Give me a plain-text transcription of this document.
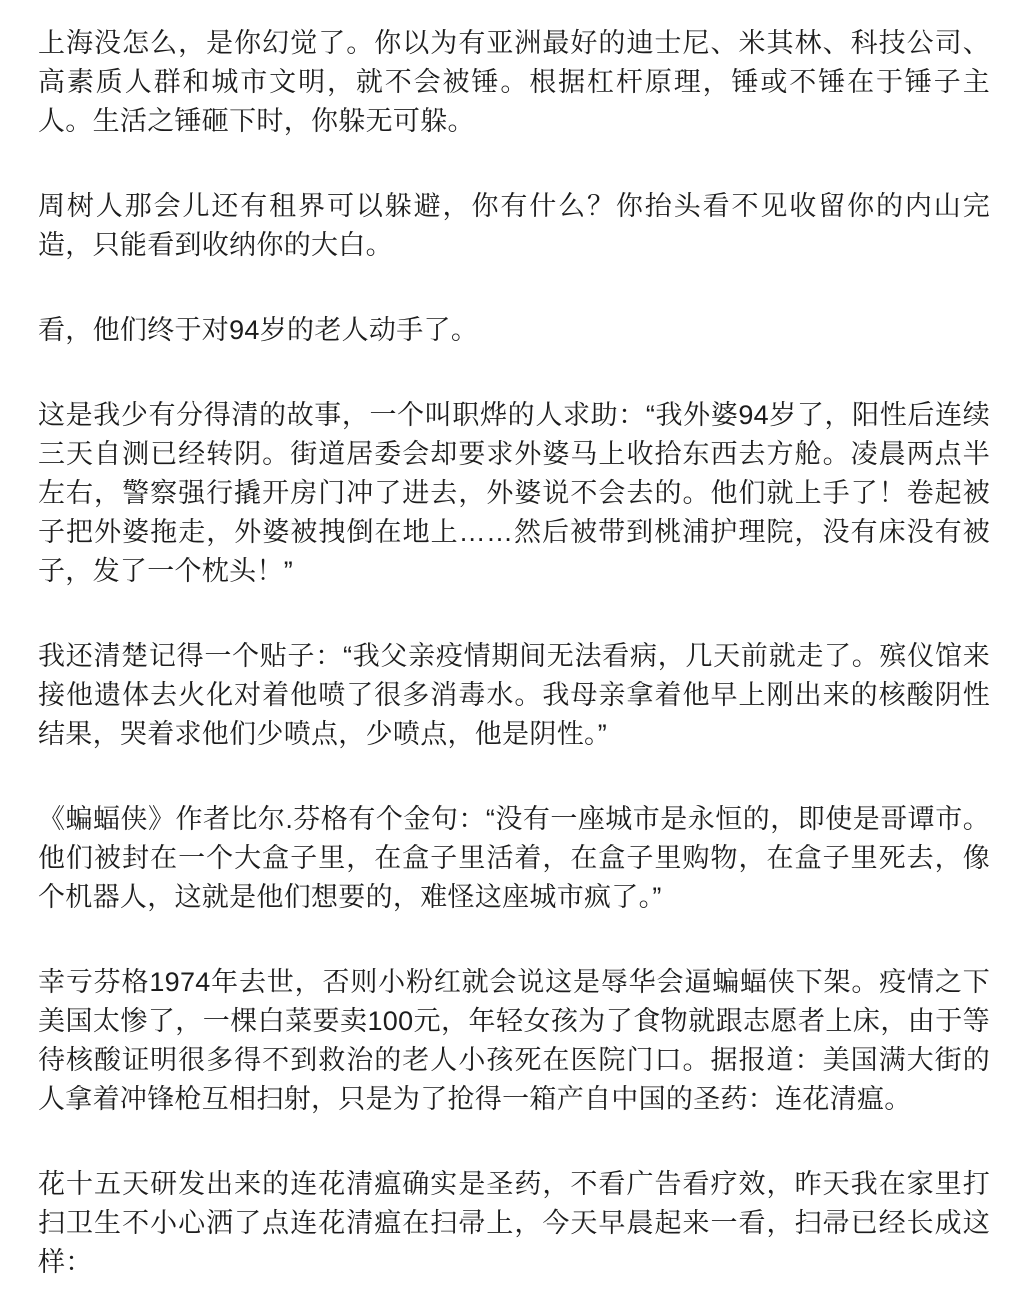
上海没怎么，是你幻觉了。你以为有亚洲最好的迪士尼、米其林、科技公司、高素质人群和城市文明，就不会被锤。根据杠杆原理，锤或不锤在于锤子主人。生活之锤砸下时，你躲无可躲。

周树人那会儿还有租界可以躲避，你有什么？你抬头看不见收留你的内山完造，只能看到收纳你的大白。

看，他们终于对94岁的老人动手了。

这是我少有分得清的故事，一个叫职烨的人求助：“我外婆94岁了，阳性后连续三天自测已经转阴。街道居委会却要求外婆马上收拾东西去方舱。凌晨两点半左右，警察强行撬开房门冲了进去，外婆说不会去的。他们就上手了！卷起被子把外婆拖走，外婆被拽倒在地上……然后被带到桃浦护理院，没有床没有被子，发了一个枕头！”

我还清楚记得一个贴子：“我父亲疫情期间无法看病，几天前就走了。殡仪馆来接他遗体去火化对着他喷了很多消毒水。我母亲拿着他早上刚出来的核酸阴性结果，哭着求他们少喷点，少喷点，他是阴性。”

《蝙蝠侠》作者比尔.芬格有个金句：“没有一座城市是永恒的，即使是哥谭市。他们被封在一个大盒子里，在盒子里活着，在盒子里购物，在盒子里死去，像个机器人，这就是他们想要的，难怪这座城市疯了。”

幸亏芬格1974年去世，否则小粉红就会说这是辱华会逼蝙蝠侠下架。疫情之下美国太惨了，一棵白菜要卖100元，年轻女孩为了食物就跟志愿者上床，由于等待核酸证明很多得不到救治的老人小孩死在医院门口。据报道：美国满大街的人拿着冲锋枪互相扫射，只是为了抢得一箱产自中国的圣药：连花清瘟。

花十五天研发出来的连花清瘟确实是圣药，不看广告看疗效，昨天我在家里打扫卫生不小心洒了点连花清瘟在扫帚上，今天早晨起来一看，扫帚已经长成这样：
